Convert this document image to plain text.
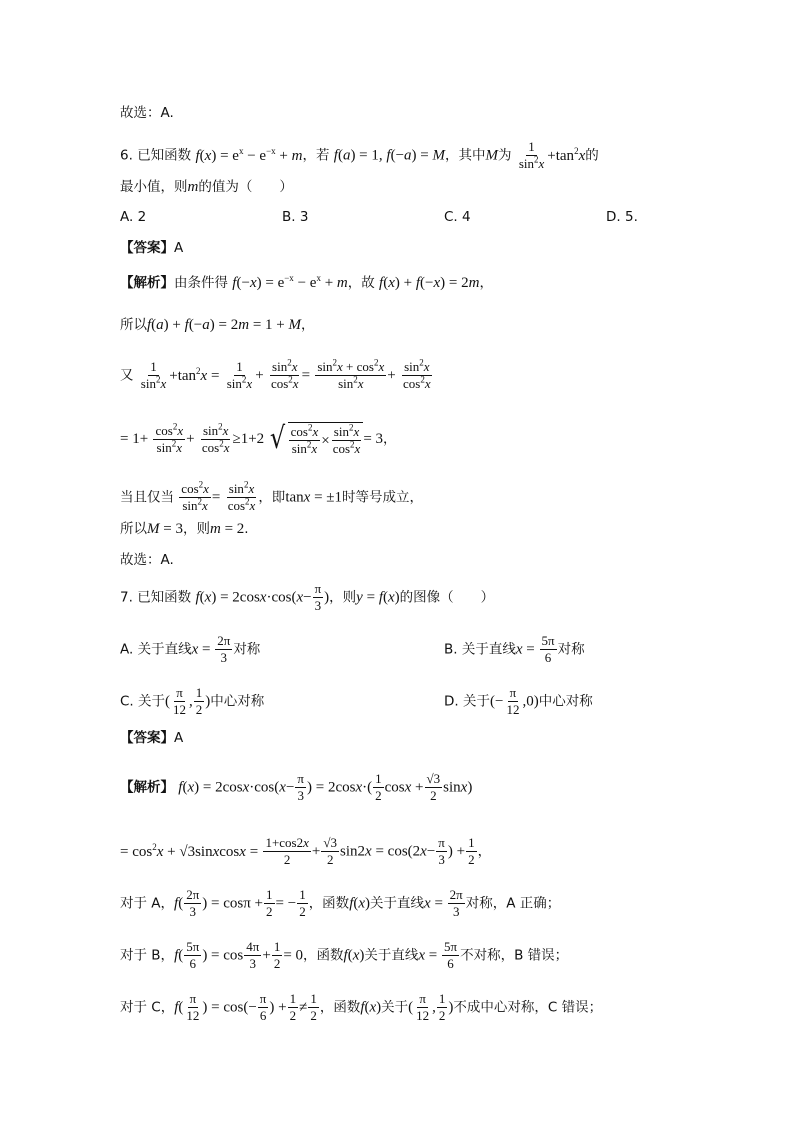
故选：A.
6. 已知函数 $f(x) = e^x - e^{-x} + m$，若 f(a) = 1, f(−a) = M，其中M为 $\frac{1}{\sin^2x} +\tan^2x$的
最小值，则m的值为（　　）
A. 2	B. 3	C. 4	D. 5.
【答案】A
【解析】由条件得 $f(-x) = e^{-x} - e^x + m$，故 f(x) + f(−x) = 2m，
所以f(a) + f(−a) = 2m = 1 + M，
又 $\frac{1}{\sin^2x} +\tan^2x = \frac{1}{\sin^2x} + \frac{\sin^2x}{\cos^2x} = \frac{\sin^2x + \cos^2x}{\sin^2x} + \frac{\sin^2x}{\cos^2x}$
= $1+ \frac{\cos^2x}{\sin^2x} + \frac{\sin^2x}{\cos^2x} \ge 1+2$ √ $\frac{\cos^2x}{\sin^2x} \times \frac{\sin^2x}{\cos^2x} = 3$，
当且仅当 $\frac{\cos^2x}{\sin^2x} = \frac{\sin^2x}{\cos^2x}$ ，即tanx = ±1时等号成立，
所以M = 3，则m = 2.
故选：A.
7. 已知函数 $f(x) = 2\cos x\cdot\cos(x- \frac{\pi}{3}$ )，则y = f(x)的图像（　　）
A. 关于直线$x = \frac{2\pi}{3}$ 对称	B. 关于直线$x = \frac{5\pi}{6}$ 对称
C. 关于( $\frac{\pi}{12}$ , $\frac{1}{2}$ )中心对称	D. 关于(− $\frac{\pi}{12} ,0$)中心对称
【答案】A
【解析】 $f(x) = 2\cos x\cdot\cos(x- \frac{\pi}{3}$ ) = $2\cos x\cdot( \frac{1}{2}$ $\cos x + \frac{√3}{2} \sin x$)
= $\cos^2x$ + √3sinxcosx = $\frac{1+\cos 2x}{2} + \frac{√3}{2} \sin 2x = \cos(2x- \frac{\pi}{3}$ ) + $\frac{1}{2}$ ，
对于 A，$f( \frac{2\pi}{3}$ ) = $\cos\pi + \frac{1}{2}$ = − $\frac{1}{2}$ ，函数f(x)关于直线$x = \frac{2\pi}{3}$ 对称，A 正确；
对于 B，$f( \frac{5\pi}{6}$ ) = $\cos \frac{4\pi}{3} + \frac{1}{2} = 0$，函数f(x)关于直线$x = \frac{5\pi}{6}$ 不对称，B 错误；
对于 C，$f( \frac{\pi}{12}$ ) = $\cos(- \frac{\pi}{6}$ ) + $\frac{1}{2} \ne \frac{1}{2}$ ，函数f(x)关于( $\frac{\pi}{12}$ , $\frac{1}{2}$ )不成中心对称，C 错误；
